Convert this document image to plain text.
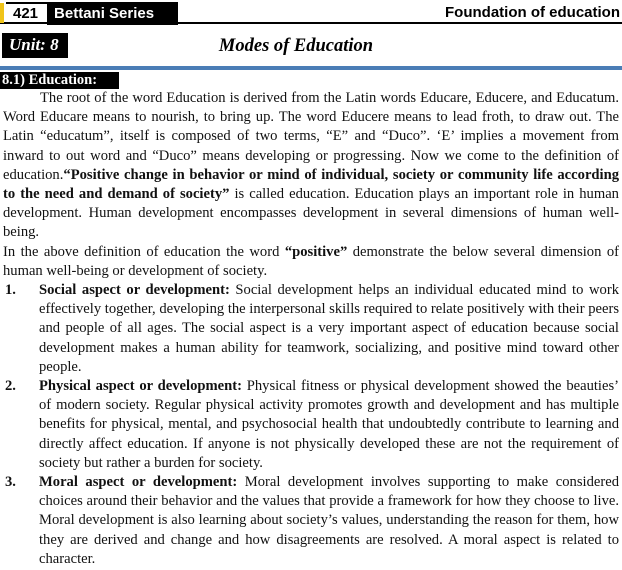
421	Bettani Series	Foundation of education
Unit: 8	Modes of Education
8.1) Education:

The root of the word Education is derived from the Latin words Educare, Educere, and Educatum. Word Educare means to nourish, to bring up. The word Educere means to lead froth, to draw out. The Latin “educatum”, itself is composed of two terms, “E” and “Duco”. ‘E’ implies a movement from inward to out word and “Duco” means developing or progressing. Now we come to the definition of education.“Positive change in behavior or mind of individual, society or community life according to the need and demand of society” is called education. Education plays an important role in human development. Human development encompasses development in several dimensions of human well-being.

In the above definition of education the word “positive” demonstrate the below several dimension of human well-being or development of society.

1.	Social aspect or development: Social development helps an individual educated mind to work effectively together, developing the interpersonal skills required to relate positively with their peers and people of all ages. The social aspect is a very important aspect of education because social development makes a human ability for teamwork, socializing, and positive mind toward other people.
2.	Physical aspect or development: Physical fitness or physical development showed the beauties’ of modern society. Regular physical activity promotes growth and development and has multiple benefits for physical, mental, and psychosocial health that undoubtedly contribute to learning and directly affect education. If anyone is not physically developed these are not the requirement of society but rather a burden for society.
3.	Moral aspect or development: Moral development involves supporting to make considered choices around their behavior and the values that provide a framework for how they choose to live. Moral development is also learning about society’s values, understanding the reason for them, how they are derived and change and how disagreements are resolved. A moral aspect is related to character.
